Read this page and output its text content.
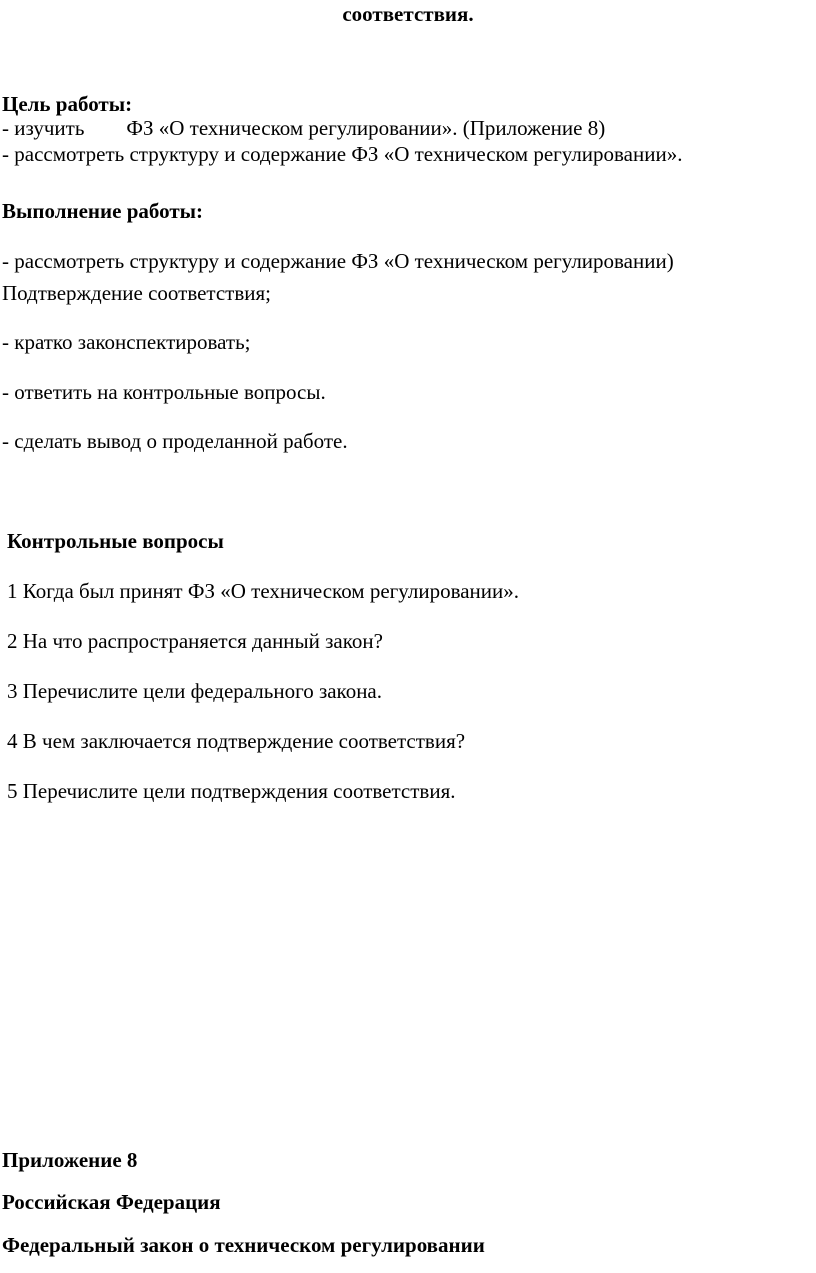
соответствия.

Цель работы:

- изучить ФЗ «О техническом регулировании». (Приложение 8)

- рассмотреть структуру и содержание ФЗ «О техническом регулировании».

Выполнение работы:

- рассмотреть структуру и содержание ФЗ «О техническом регулировании)

Подтверждение соответствия;

- кратко законспектировать;

- ответить на контрольные вопросы.

- сделать вывод о проделанной работе.

Контрольные вопросы

1 Когда был принят ФЗ «О техническом регулировании».

2 На что распространяется данный закон?

3 Перечислите цели федерального закона.

4 В чем заключается подтверждение соответствия?

5 Перечислите цели подтверждения соответствия.

Приложение 8

Российская Федерация

Федеральный закон о техническом регулировании
